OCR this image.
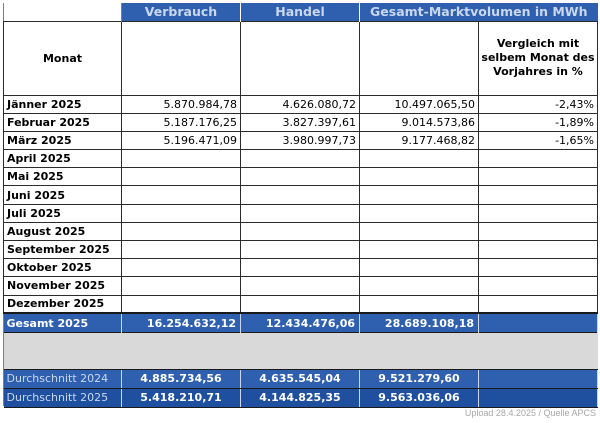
	Verbrauch	Handel	Gesamt-Marktvolumen in MWh	
Monat				Vergleich mit selbem Monat des Vorjahres in %
Jänner 2025	5.870.984,78	4.626.080,72	10.497.065,50	-2,43%
Februar 2025	5.187.176,25	3.827.397,61	9.014.573,86	-1,89%
März 2025	5.196.471,09	3.980.997,73	9.177.468,82	-1,65%
April 2025				
Mai 2025				
Juni 2025				
Juli 2025				
August 2025				
September 2025				
Oktober 2025				
November 2025				
Dezember 2025				
Gesamt 2025	16.254.632,12	12.434.476,06	28.689.108,18	

Durchschnitt 2024	4.885.734,56	4.635.545,04	9.521.279,60	
Durchschnitt 2025	5.418.210,71	4.144.825,35	9.563.036,06	
Upload 28.4.2025 / Quelle APCS
